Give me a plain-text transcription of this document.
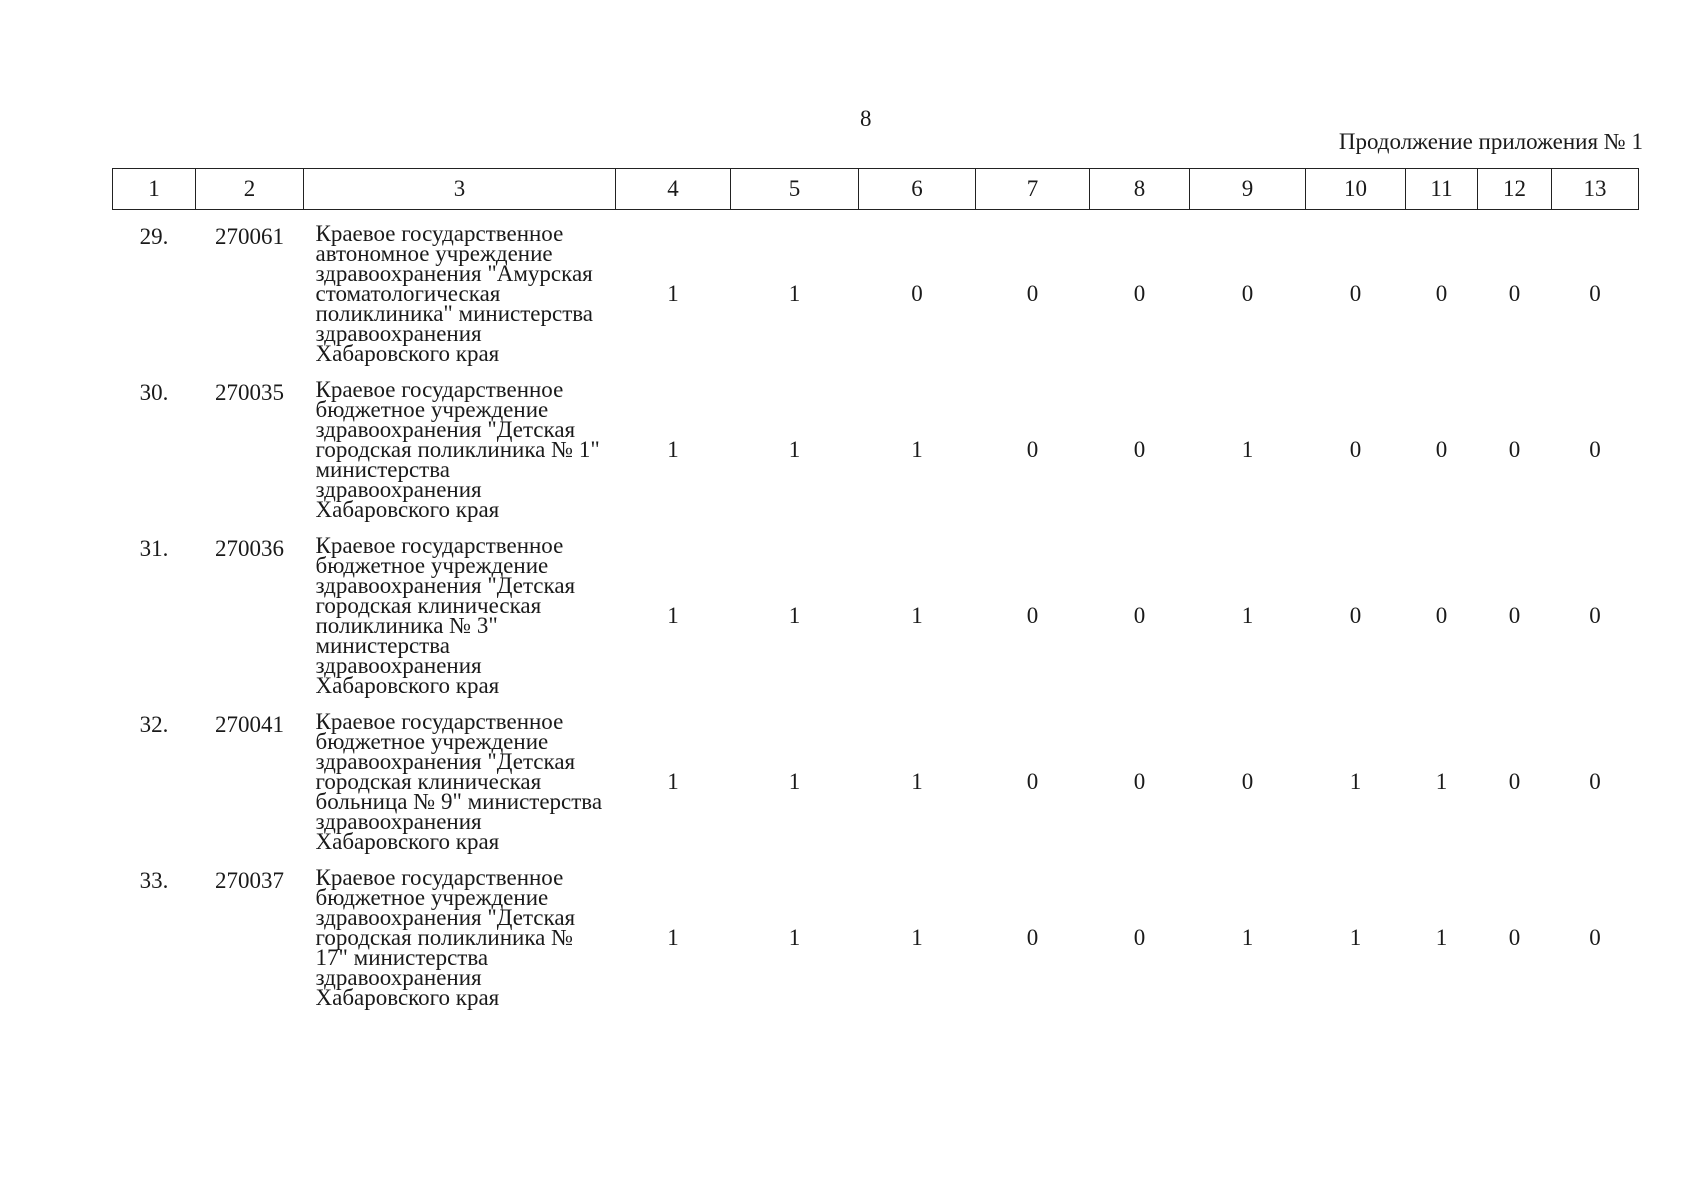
8
Продолжение приложения № 1
1	2	3	4	5	6	7	8	9	10	11	12	13

29.	270061	Краевое государственное автономное учреждение здравоохранения "Амурская стоматологическая поликлиника" министерства здравоохранения Хабаровского края	1	1	0	0	0	0	0	0	0	0
30.	270035	Краевое государственное бюджетное учреждение здравоохранения "Детская городская поликлиника № 1" министерства здравоохранения Хабаровского края	1	1	1	0	0	1	0	0	0	0
31.	270036	Краевое государственное бюджетное учреждение здравоохранения "Детская городская клиническая поликлиника № 3" министерства здравоохранения Хабаровского края	1	1	1	0	0	1	0	0	0	0
32.	270041	Краевое государственное бюджетное учреждение здравоохранения "Детская городская клиническая больница № 9" министерства здравоохранения Хабаровского края	1	1	1	0	0	0	1	1	0	0
33.	270037	Краевое государственное бюджетное учреждение здравоохранения "Детская городская поликлиника № 17" министерства здравоохранения Хабаровского края	1	1	1	0	0	1	1	1	0	0
